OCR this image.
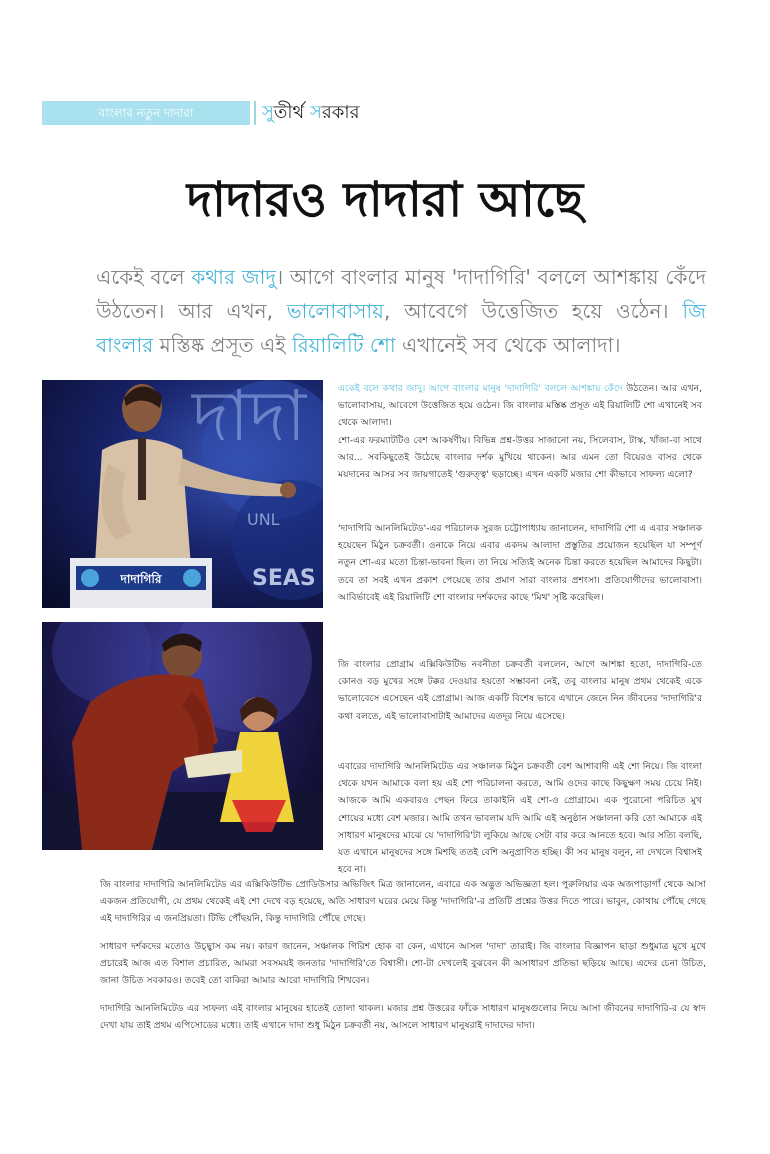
বাংলার নতুন দাদারা	সুতীর্থ সরকার
দাদারও দাদারা আছে
একেই বলে কথার জাদু। আগে বাংলার মানুষ 'দাদাগিরি' বললে আশঙ্কায় কেঁদে উঠতেন। আর এখন, ভালোবাসায়, আবেগে উত্তেজিত হয়ে ওঠেন। জি বাংলার মস্তিষ্ক প্রসূত এই রিয়ালিটি শো এখানেই সব থেকে আলাদা।
দাদা
UNL
SEAS
দাদাগিরি

একেই বলে কথার জাদু। আগে বাংলার মানুষ 'দাদাগিরি' বললে আশঙ্কায় কেঁদে উঠতেন। আর এখন, ভালোবাসায়, আবেগে উত্তেজিত হয়ে ওঠেন। জি বাংলার মস্তিষ্ক প্রসূত এই রিয়ালিটি শো এখানেই সব থেকে আলাদা।

শো-এর ফরম্যাটটিও বেশ আকর্ষণীয়। বিভিন্ন প্রশ্ন-উত্তর সাজানো নয়, সিলেবাস, টাস্ক, খাঁজা-বা সাথে আর... সবকিছুতেই উঠেছে বাংলার দর্শক মুখিয়ে থাকেন। আর এমন তো বিয়েরও বাসর থেকে ময়দানের আসর সব জায়গাতেই 'গুরুত্ত্ব' ছড়াচ্ছে। এখন একটি মজার শো কীভাবে সাফল্য এলো?

'দাদাগিরি আনলিমিটেড'-এর পরিচালক সুরজ চট্টোপাধ্যায় জানালেন, দাদাগিরি শো এ এবার সঞ্চালক হয়েছেন মিঠুন চক্রবর্তী। ওনাকে নিয়ে এবার একদম আলাদা প্রস্তুতির প্রয়োজন হয়েছিল যা সম্পূর্ণ নতুন শো-এর মতো চিন্তা-ভাবনা ছিল। তা নিয়ে সত্যিই অনেক চিন্তা করতে হয়েছিল আমাদের কিছুটা। তবে তা সবই এখন প্রকাশ পেয়েছে তার প্রমাণ সারা বাংলার প্রশংসা। প্রতিযোগীদের ভালোবাসা। আবির্ভাবেই এই রিয়ালিটি শো বাংলার দর্শকদের কাছে 'মিথ' সৃষ্টি করেছিল।

জি বাংলার প্রোগ্রাম এক্সিকিউটিভ নবনীতা চক্রবর্তী বললেন, আগে আশঙ্কা হতো, দাদাগিরি-তে কোনও বড় মুখের সঙ্গে টক্কর দেওয়ার হয়তো সম্ভাবনা নেই, তবু বাংলার মানুষ প্রথম থেকেই একে ভালোবেসে এসেছেন এই প্রোগ্রাম। আজ একটি বিশেষ ভাবে এখানে জেনে নিন জীবনের 'দাদাগিরি'র কথা বলতে, এই ভালোবাসাটাই আমাদের এতদূর নিয়ে এসেছে।

এবারের দাদাগিরি আনলিমিটেড এর সঞ্চালক মিঠুন চক্রবর্তী বেশ আশাবাদী এই শো নিয়ে। জি বাংলা থেকে যখন আমাকে বলা হয় এই শো পরিচালনা করতে, আমি ওদের কাছে কিছুক্ষণ সময় চেয়ে নিই। আজকে আমি একবারও পেছন ফিরে তাকাইনি এই শো-ও প্রোগ্রামে। এক পুরোনো পরিচিত মুখ শোয়ের মধ্যে বেশ মজার। আমি তখন ভাবলাম যদি আমি এই অনুষ্ঠান সঞ্চালনা করি তো আমাকে এই সাধারণ মানুষদের মাঝে যে 'দাদাগিরি'টা লুকিয়ে আছে সেটা বার করে আনতে হবে। আর সত্যি বলছি, যত এখানে মানুষদের সঙ্গে মিশছি ততই বেশি অনুপ্রাণিত হচ্ছি। কী সব মানুষ বলুন, না দেখলে বিশ্বাসই হবে না।

জি বাংলার দাদাগিরি আনলিমিটেড এর এক্সিকিউটিভ প্রোডিউসার অভিজিৎ মিত্র জানালেন, এবারে এক অদ্ভুত অভিজ্ঞতা হল। পুরুলিয়ার এক অজপাড়াগাঁ থেকে আসা একজন প্রতিযোগী, যে প্রথম থেকেই এই শো দেখে বড় হয়েছে, অতি সাধারণ ঘরের মেয়ে কিন্তু 'দাদাগিরি'-র প্রতিটি প্রশ্নের উত্তর দিতে পারে। ভাবুন, কোথায় পৌঁছে গেছে এই দাদাগিরির এ জনপ্রিয়তা। টিভি পৌঁছয়নি, কিন্তু দাদাগিরি পৌঁছে গেছে।

সাধারণ দর্শকদের মতোও উচ্ছ্বাস কম নয়। কারণ জানেন, সঞ্চালক গিরিশ হোক বা কেন, এখানে আসল 'দাদা' তারাই। জি বাংলার বিজ্ঞাপন ছাড়া শুধুমাত্র মুখে মুখে প্রচারেই আজ এত বিশাল প্রচারিত, আমরা সবসময়ই জনতার 'দাদাগিরি'তে বিশ্বাসী। শো-টা দেখলেই বুঝবেন কী অসাধারণ প্রতিভা ছড়িয়ে আছে। এদের চেনা উচিত, জানা উচিত সবকারও। তবেই তো বাকিরা আমার আরো দাদাগিরি শিখবেন।

দাদাগিরি আনলিমিটেড এর সাফল্য এই বাংলার মানুষের হাতেই তোলা থাকল। মজার প্রশ্ন উত্তরের ফাঁকে সাধারণ মানুষগুলোর নিয়ে আসা জীবনের দাদাগিরি-র যে স্বাদ দেখা যায় তাই প্রথম এপিসোডের মধ্যে। তাই এখানে দাদা শুধু মিঠুন চক্রবর্তী নয়, আসলে সাধারণ মানুষরাই দাদাদের দাদা।
